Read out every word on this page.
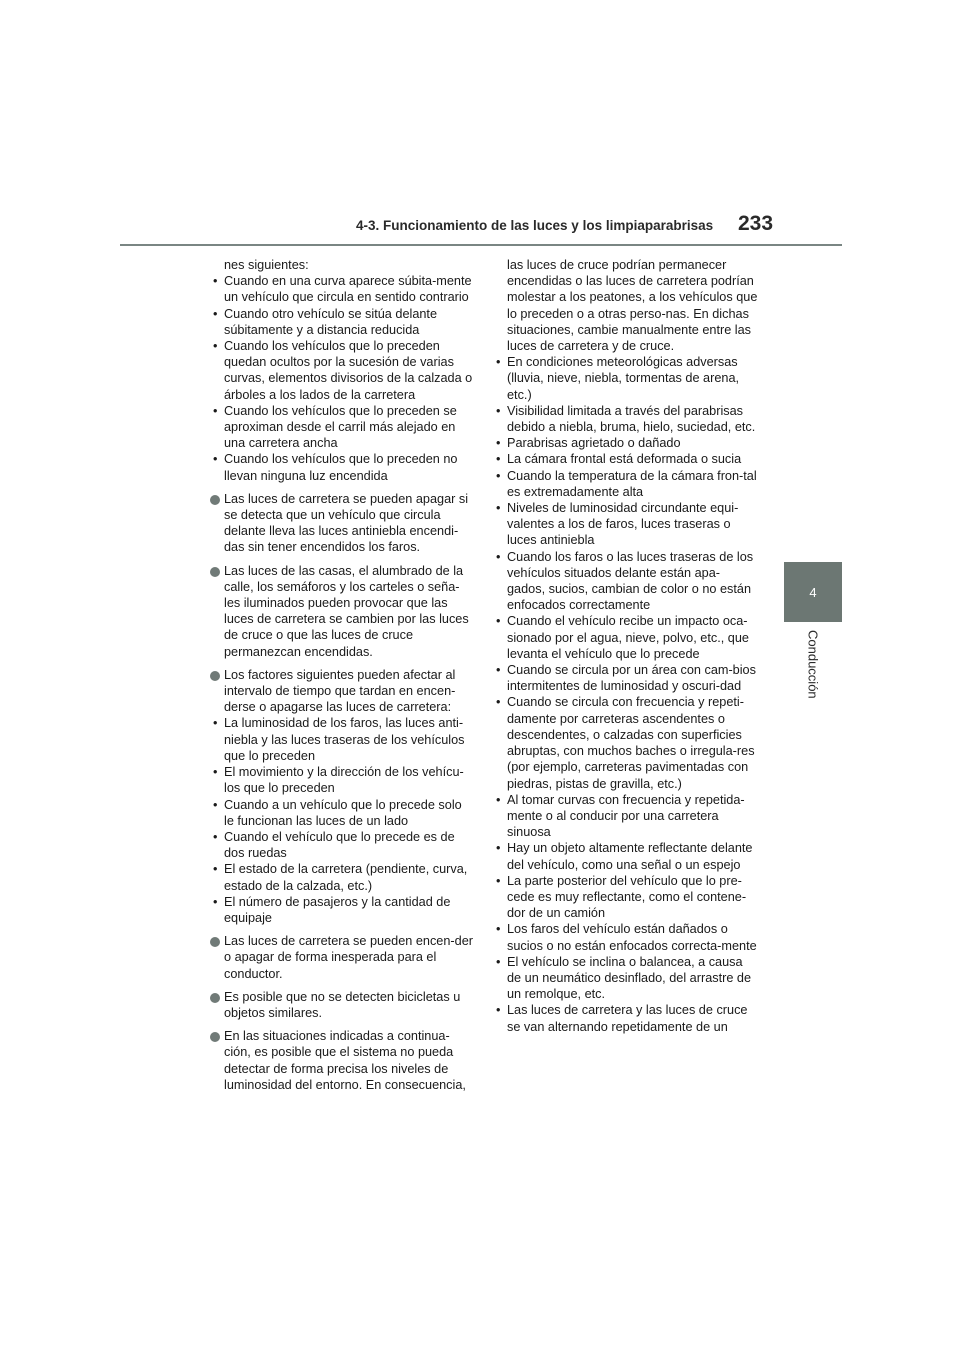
4-3. Funcionamiento de las luces y los limpiaparabrisas 233
4
Conducción
nes siguientes:
• Cuando en una curva aparece súbita-mente un vehículo que circula en sentido contrario
• Cuando otro vehículo se sitúa delante súbitamente y a distancia reducida
• Cuando los vehículos que lo preceden quedan ocultos por la sucesión de varias curvas, elementos divisorios de la calzada o árboles a los lados de la carretera
• Cuando los vehículos que lo preceden se aproximan desde el carril más alejado en una carretera ancha
• Cuando los vehículos que lo preceden no llevan ninguna luz encendida
Las luces de carretera se pueden apagar si se detecta que un vehículo que circula delante lleva las luces antiniebla encendi-das sin tener encendidos los faros.
Las luces de las casas, el alumbrado de la calle, los semáforos y los carteles o seña-les iluminados pueden provocar que las luces de carretera se cambien por las luces de cruce o que las luces de cruce permanezcan encendidas.
Los factores siguientes pueden afectar al intervalo de tiempo que tardan en encen-derse o apagarse las luces de carretera:
• La luminosidad de los faros, las luces anti-niebla y las luces traseras de los vehículos que lo preceden
• El movimiento y la dirección de los vehícu-los que lo preceden
• Cuando a un vehículo que lo precede solo le funcionan las luces de un lado
• Cuando el vehículo que lo precede es de dos ruedas
• El estado de la carretera (pendiente, curva, estado de la calzada, etc.)
• El número de pasajeros y la cantidad de equipaje
Las luces de carretera se pueden encen-der o apagar de forma inesperada para el conductor.
Es posible que no se detecten bicicletas u objetos similares.
En las situaciones indicadas a continua-ción, es posible que el sistema no pueda detectar de forma precisa los niveles de luminosidad del entorno. En consecuencia,
las luces de cruce podrían permanecer encendidas o las luces de carretera podrían molestar a los peatones, a los vehículos que lo preceden o a otras perso-nas. En dichas situaciones, cambie manualmente entre las luces de carretera y de cruce.
• En condiciones meteorológicas adversas (lluvia, nieve, niebla, tormentas de arena, etc.)
• Visibilidad limitada a través del parabrisas debido a niebla, bruma, hielo, suciedad, etc.
• Parabrisas agrietado o dañado
• La cámara frontal está deformada o sucia
• Cuando la temperatura de la cámara fron-tal es extremadamente alta
• Niveles de luminosidad circundante equi-valentes a los de faros, luces traseras o luces antiniebla
• Cuando los faros o las luces traseras de los vehículos situados delante están apa-gados, sucios, cambian de color o no están enfocados correctamente
• Cuando el vehículo recibe un impacto oca-sionado por el agua, nieve, polvo, etc., que levanta el vehículo que lo precede
• Cuando se circula por un área con cam-bios intermitentes de luminosidad y oscuri-dad
• Cuando se circula con frecuencia y repeti-damente por carreteras ascendentes o descendentes, o calzadas con superficies abruptas, con muchos baches o irregula-res (por ejemplo, carreteras pavimentadas con piedras, pistas de gravilla, etc.)
• Al tomar curvas con frecuencia y repetida-mente o al conducir por una carretera sinuosa
• Hay un objeto altamente reflectante delante del vehículo, como una señal o un espejo
• La parte posterior del vehículo que lo pre-cede es muy reflectante, como el contene-dor de un camión
• Los faros del vehículo están dañados o sucios o no están enfocados correcta-mente
• El vehículo se inclina o balancea, a causa de un neumático desinflado, del arrastre de un remolque, etc.
• Las luces de carretera y las luces de cruce se van alternando repetidamente de un
